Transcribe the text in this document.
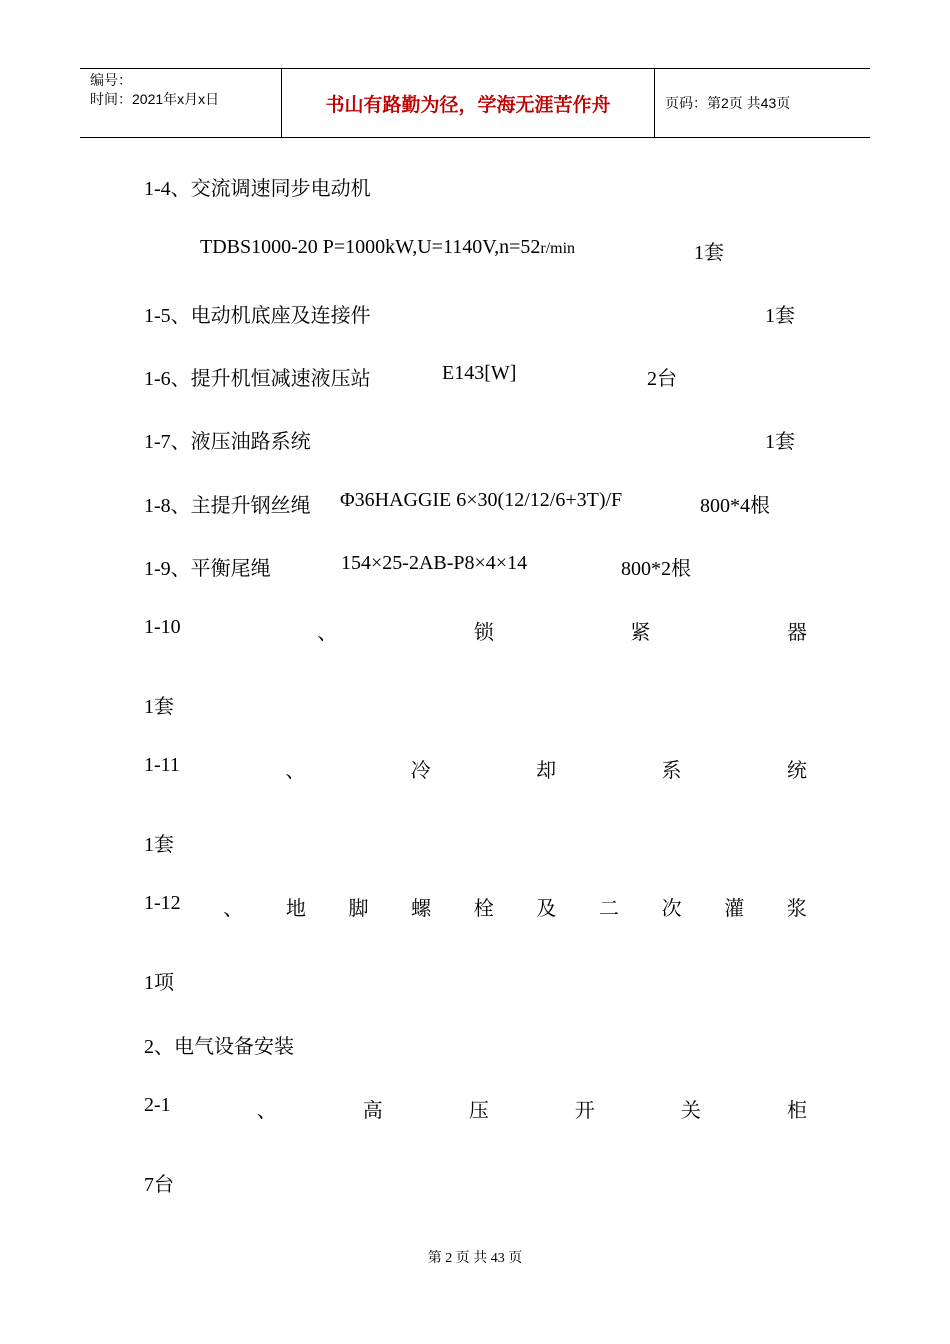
编号：
时间：2021年x月x日	书山有路勤为径，学海无涯苦作舟	页码：第2页 共43页
1-4、交流调速同步电动机
TDBS1000-20 P=1000kW,U=1140V,n=52r/min	1套
1-5、电动机底座及连接件	1套
1-6、提升机恒减速液压站	E143[W]	2台
1-7、液压油路系统	1套
1-8、主提升钢丝绳 Φ36HAGGIE 6×30(12/12/6+3T)/F	800*4根
1-9、平衡尾绳	154×25-2AB-P8×4×14	800*2根
1-10	、	锁	紧	器
1套
1-11	、	冷	却	系	统
1套
1-12 、 地 脚 螺 栓 及 二 次 灌 浆
1项
2、电气设备安装
2-1	、	高	压	开	关	柜
7台
第 2 页 共 43 页
